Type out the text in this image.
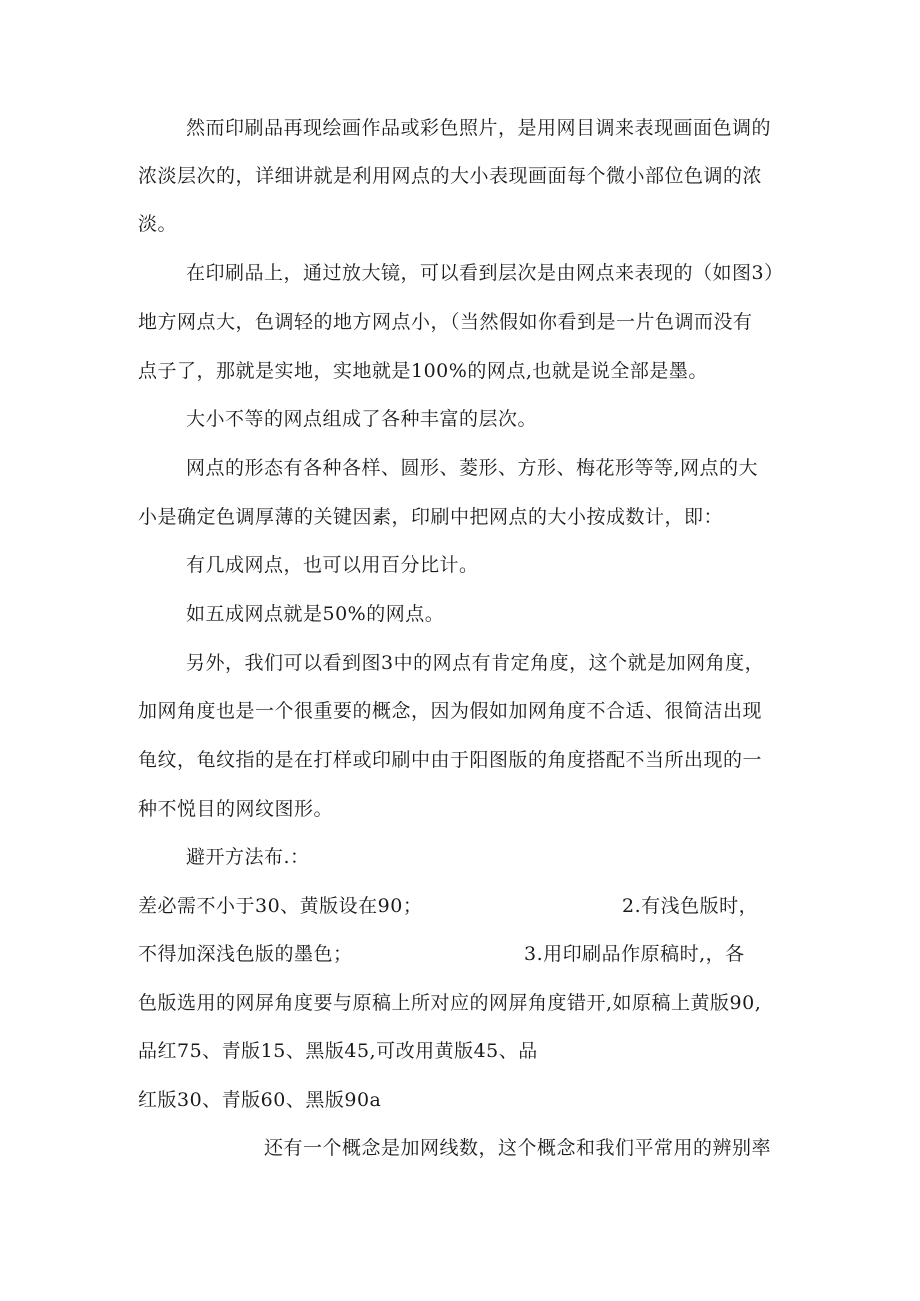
然而印刷品再现绘画作品或彩色照片，是用网目调来表现画面色调的
浓淡层次的，详细讲就是利用网点的大小表现画面每个微小部位色调的浓
淡。
在印刷品上，通过放大镜，可以看到层次是由网点来表现的（如图3）
地方网点大，色调轻的地方网点小，（当然假如你看到是一片色调而没有
点子了，那就是实地，实地就是100%的网点,也就是说全部是墨。
大小不等的网点组成了各种丰富的层次。
网点的形态有各种各样、圆形、菱形、方形、梅花形等等,网点的大
小是确定色调厚薄的关键因素，印刷中把网点的大小按成数计，即：
有几成网点，也可以用百分比计。
如五成网点就是50%的网点。
另外，我们可以看到图3中的网点有肯定角度，这个就是加网角度，
加网角度也是一个很重要的概念，因为假如加网角度不合适、很简洁出现
龟纹，龟纹指的是在打样或印刷中由于阳图版的角度搭配不当所出现的一
种不悦目的网纹图形。
避开方法布.：
差必需不小于30、黄版设在90；	2.有浅色版时，
不得加深浅色版的墨色；	3.用印刷品作原稿时,，各
色版选用的网屏角度要与原稿上所对应的网屏角度错开,如原稿上黄版90,
品红75、青版15、黑版45,可改用黄版45、品
红版30、青版60、黑版90a
还有一个概念是加网线数，这个概念和我们平常用的辨别率
